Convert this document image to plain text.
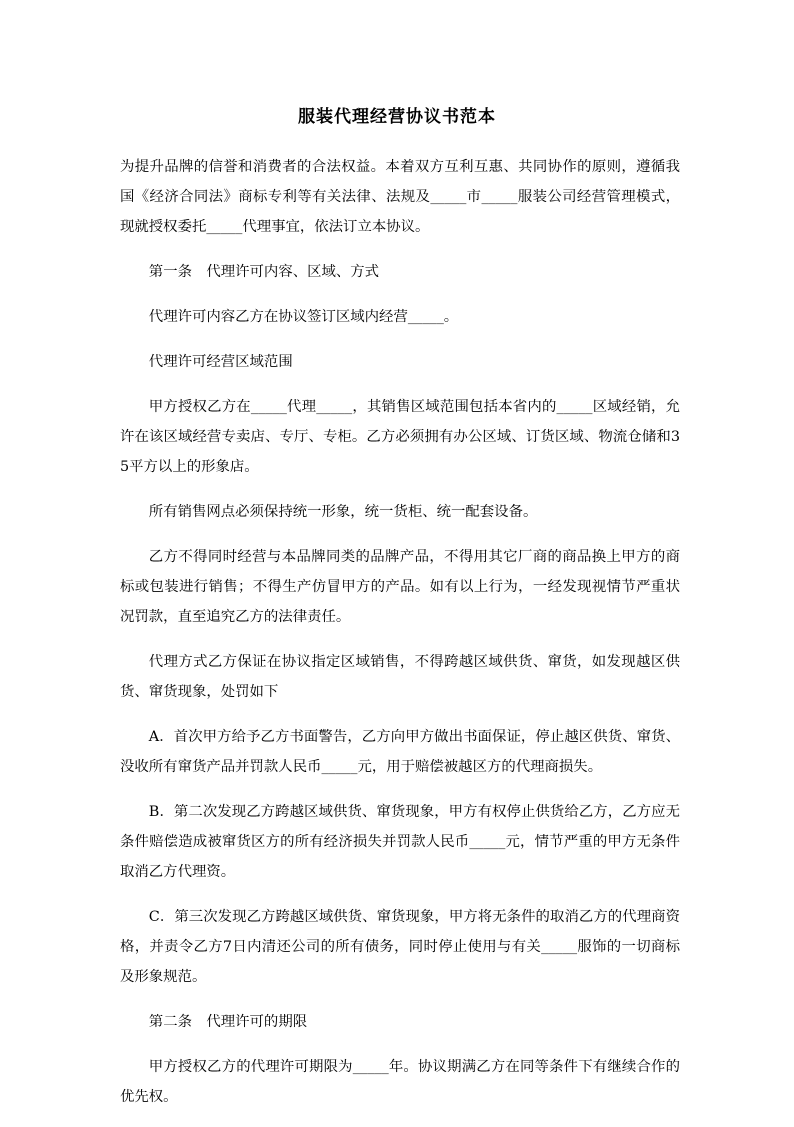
服装代理经营协议书范本

为提升品牌的信誉和消费者的合法权益。本着双方互利互惠、共同协作的原则，遵循我国《经济合同法》商标专利等有关法律、法规及_____市_____服装公司经营管理模式，现就授权委托_____代理事宜，依法订立本协议。

第一条　代理许可内容、区域、方式

代理许可内容乙方在协议签订区域内经营_____。

代理许可经营区域范围

甲方授权乙方在_____代理_____，其销售区域范围包括本省内的_____区域经销，允许在该区域经营专卖店、专厅、专柜。乙方必须拥有办公区域、订货区域、物流仓储和35平方以上的形象店。

所有销售网点必须保持统一形象，统一货柜、统一配套设备。

乙方不得同时经营与本品牌同类的品牌产品，不得用其它厂商的商品换上甲方的商标或包装进行销售；不得生产仿冒甲方的产品。如有以上行为，一经发现视情节严重状况罚款，直至追究乙方的法律责任。

代理方式乙方保证在协议指定区域销售，不得跨越区域供货、窜货，如发现越区供货、窜货现象，处罚如下

A．首次甲方给予乙方书面警告，乙方向甲方做出书面保证，停止越区供货、窜货、没收所有窜货产品并罚款人民币_____元，用于赔偿被越区方的代理商损失。

B．第二次发现乙方跨越区域供货、窜货现象，甲方有权停止供货给乙方，乙方应无条件赔偿造成被窜货区方的所有经济损失并罚款人民币_____元，情节严重的甲方无条件取消乙方代理资。

C．第三次发现乙方跨越区域供货、窜货现象，甲方将无条件的取消乙方的代理商资格，并责令乙方7日内清还公司的所有债务，同时停止使用与有关_____服饰的一切商标及形象规范。

第二条　代理许可的期限

甲方授权乙方的代理许可期限为_____年。协议期满乙方在同等条件下有继续合作的优先权。
